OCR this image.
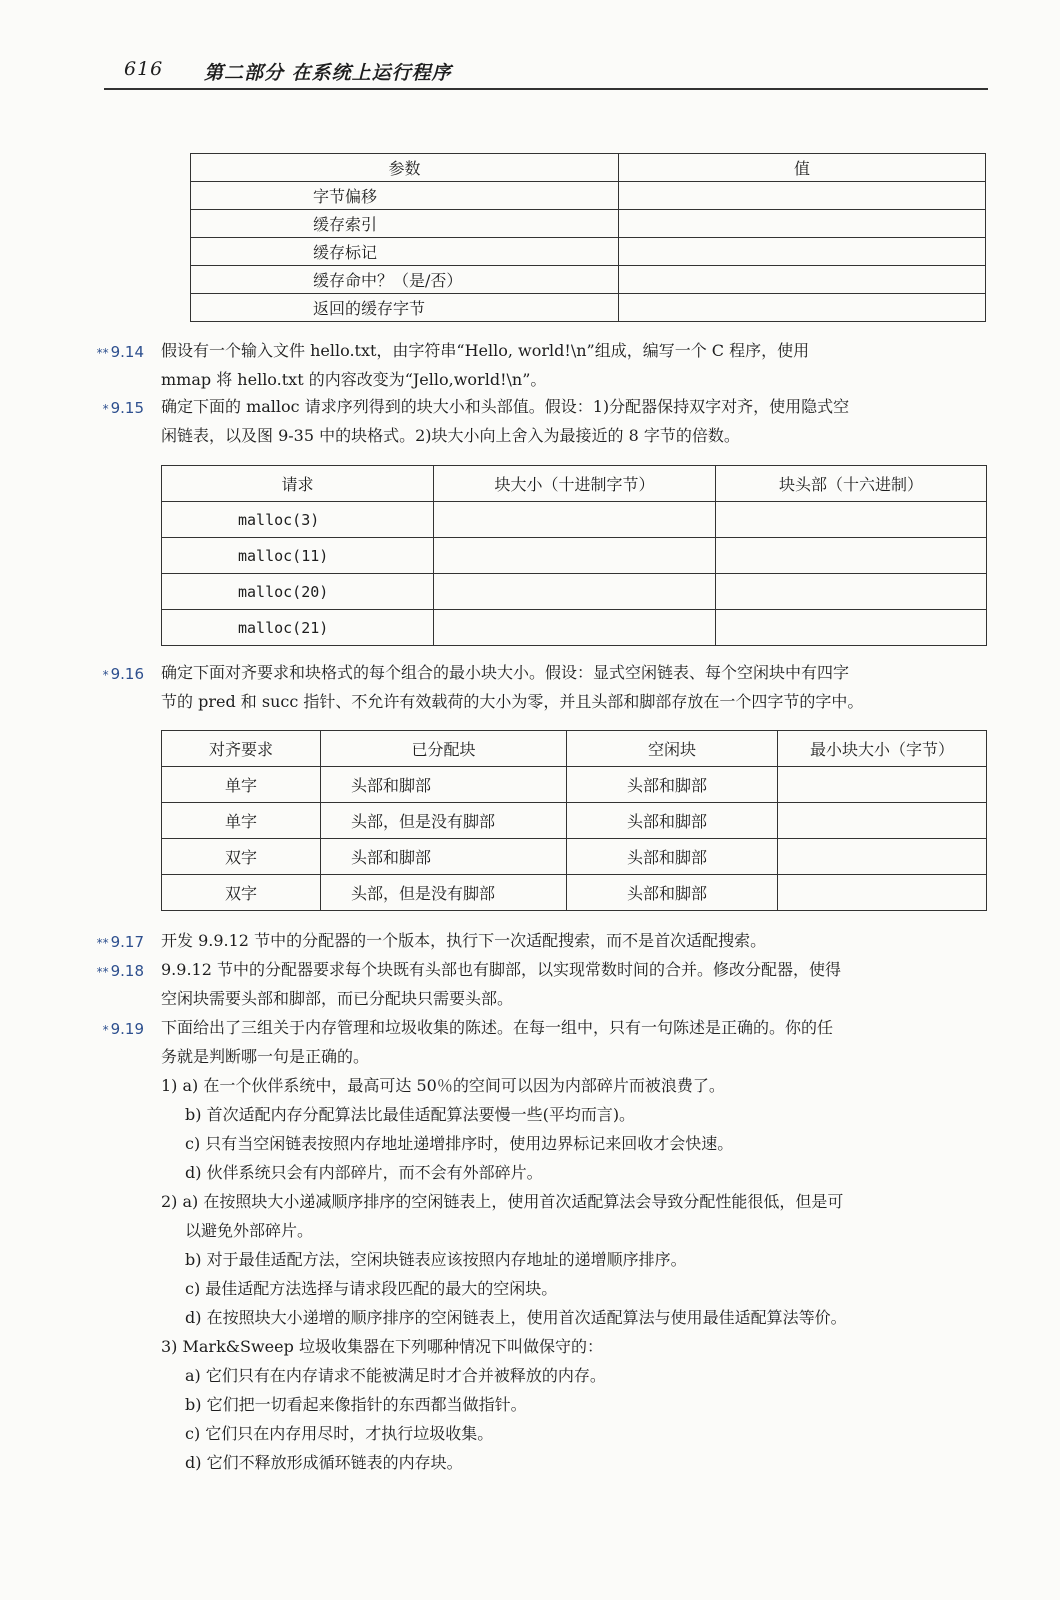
616 第二部分 在系统上运行程序
参数	值
字节偏移	
缓存索引	
缓存标记	
缓存命中？（是/否）	
返回的缓存字节	
** 9.14 假设有一个输入文件 hello.txt，由字符串“Hello, world!\n”组成，编写一个 C 程序，使用
mmap 将 hello.txt 的内容改变为“Jello,world!\n”。
* 9.15 确定下面的 malloc 请求序列得到的块大小和头部值。假设：1)分配器保持双字对齐，使用隐式空
闲链表，以及图 9-35 中的块格式。2)块大小向上舍入为最接近的 8 字节的倍数。
请求	块大小（十进制字节）	块头部（十六进制）
malloc(3)		
malloc(11)		
malloc(20)		
malloc(21)		
* 9.16 确定下面对齐要求和块格式的每个组合的最小块大小。假设：显式空闲链表、每个空闲块中有四字
节的 pred 和 succ 指针、不允许有效载荷的大小为零，并且头部和脚部存放在一个四字节的字中。
对齐要求	已分配块	空闲块	最小块大小（字节）
单字	头部和脚部	头部和脚部	
单字	头部，但是没有脚部	头部和脚部	
双字	头部和脚部	头部和脚部	
双字	头部，但是没有脚部	头部和脚部	
** 9.17 开发 9.9.12 节中的分配器的一个版本，执行下一次适配搜索，而不是首次适配搜索。
** 9.18 9.9.12 节中的分配器要求每个块既有头部也有脚部，以实现常数时间的合并。修改分配器，使得
空闲块需要头部和脚部，而已分配块只需要头部。
* 9.19 下面给出了三组关于内存管理和垃圾收集的陈述。在每一组中，只有一句陈述是正确的。你的任
务就是判断哪一句是正确的。
1) a) 在一个伙伴系统中，最高可达 50％的空间可以因为内部碎片而被浪费了。
b) 首次适配内存分配算法比最佳适配算法要慢一些(平均而言)。
c) 只有当空闲链表按照内存地址递增排序时，使用边界标记来回收才会快速。
d) 伙伴系统只会有内部碎片，而不会有外部碎片。
2) a) 在按照块大小递减顺序排序的空闲链表上，使用首次适配算法会导致分配性能很低，但是可
以避免外部碎片。
b) 对于最佳适配方法，空闲块链表应该按照内存地址的递增顺序排序。
c) 最佳适配方法选择与请求段匹配的最大的空闲块。
d) 在按照块大小递增的顺序排序的空闲链表上，使用首次适配算法与使用最佳适配算法等价。
3) Mark&Sweep 垃圾收集器在下列哪种情况下叫做保守的：
a) 它们只有在内存请求不能被满足时才合并被释放的内存。
b) 它们把一切看起来像指针的东西都当做指针。
c) 它们只在内存用尽时，才执行垃圾收集。
d) 它们不释放形成循环链表的内存块。
